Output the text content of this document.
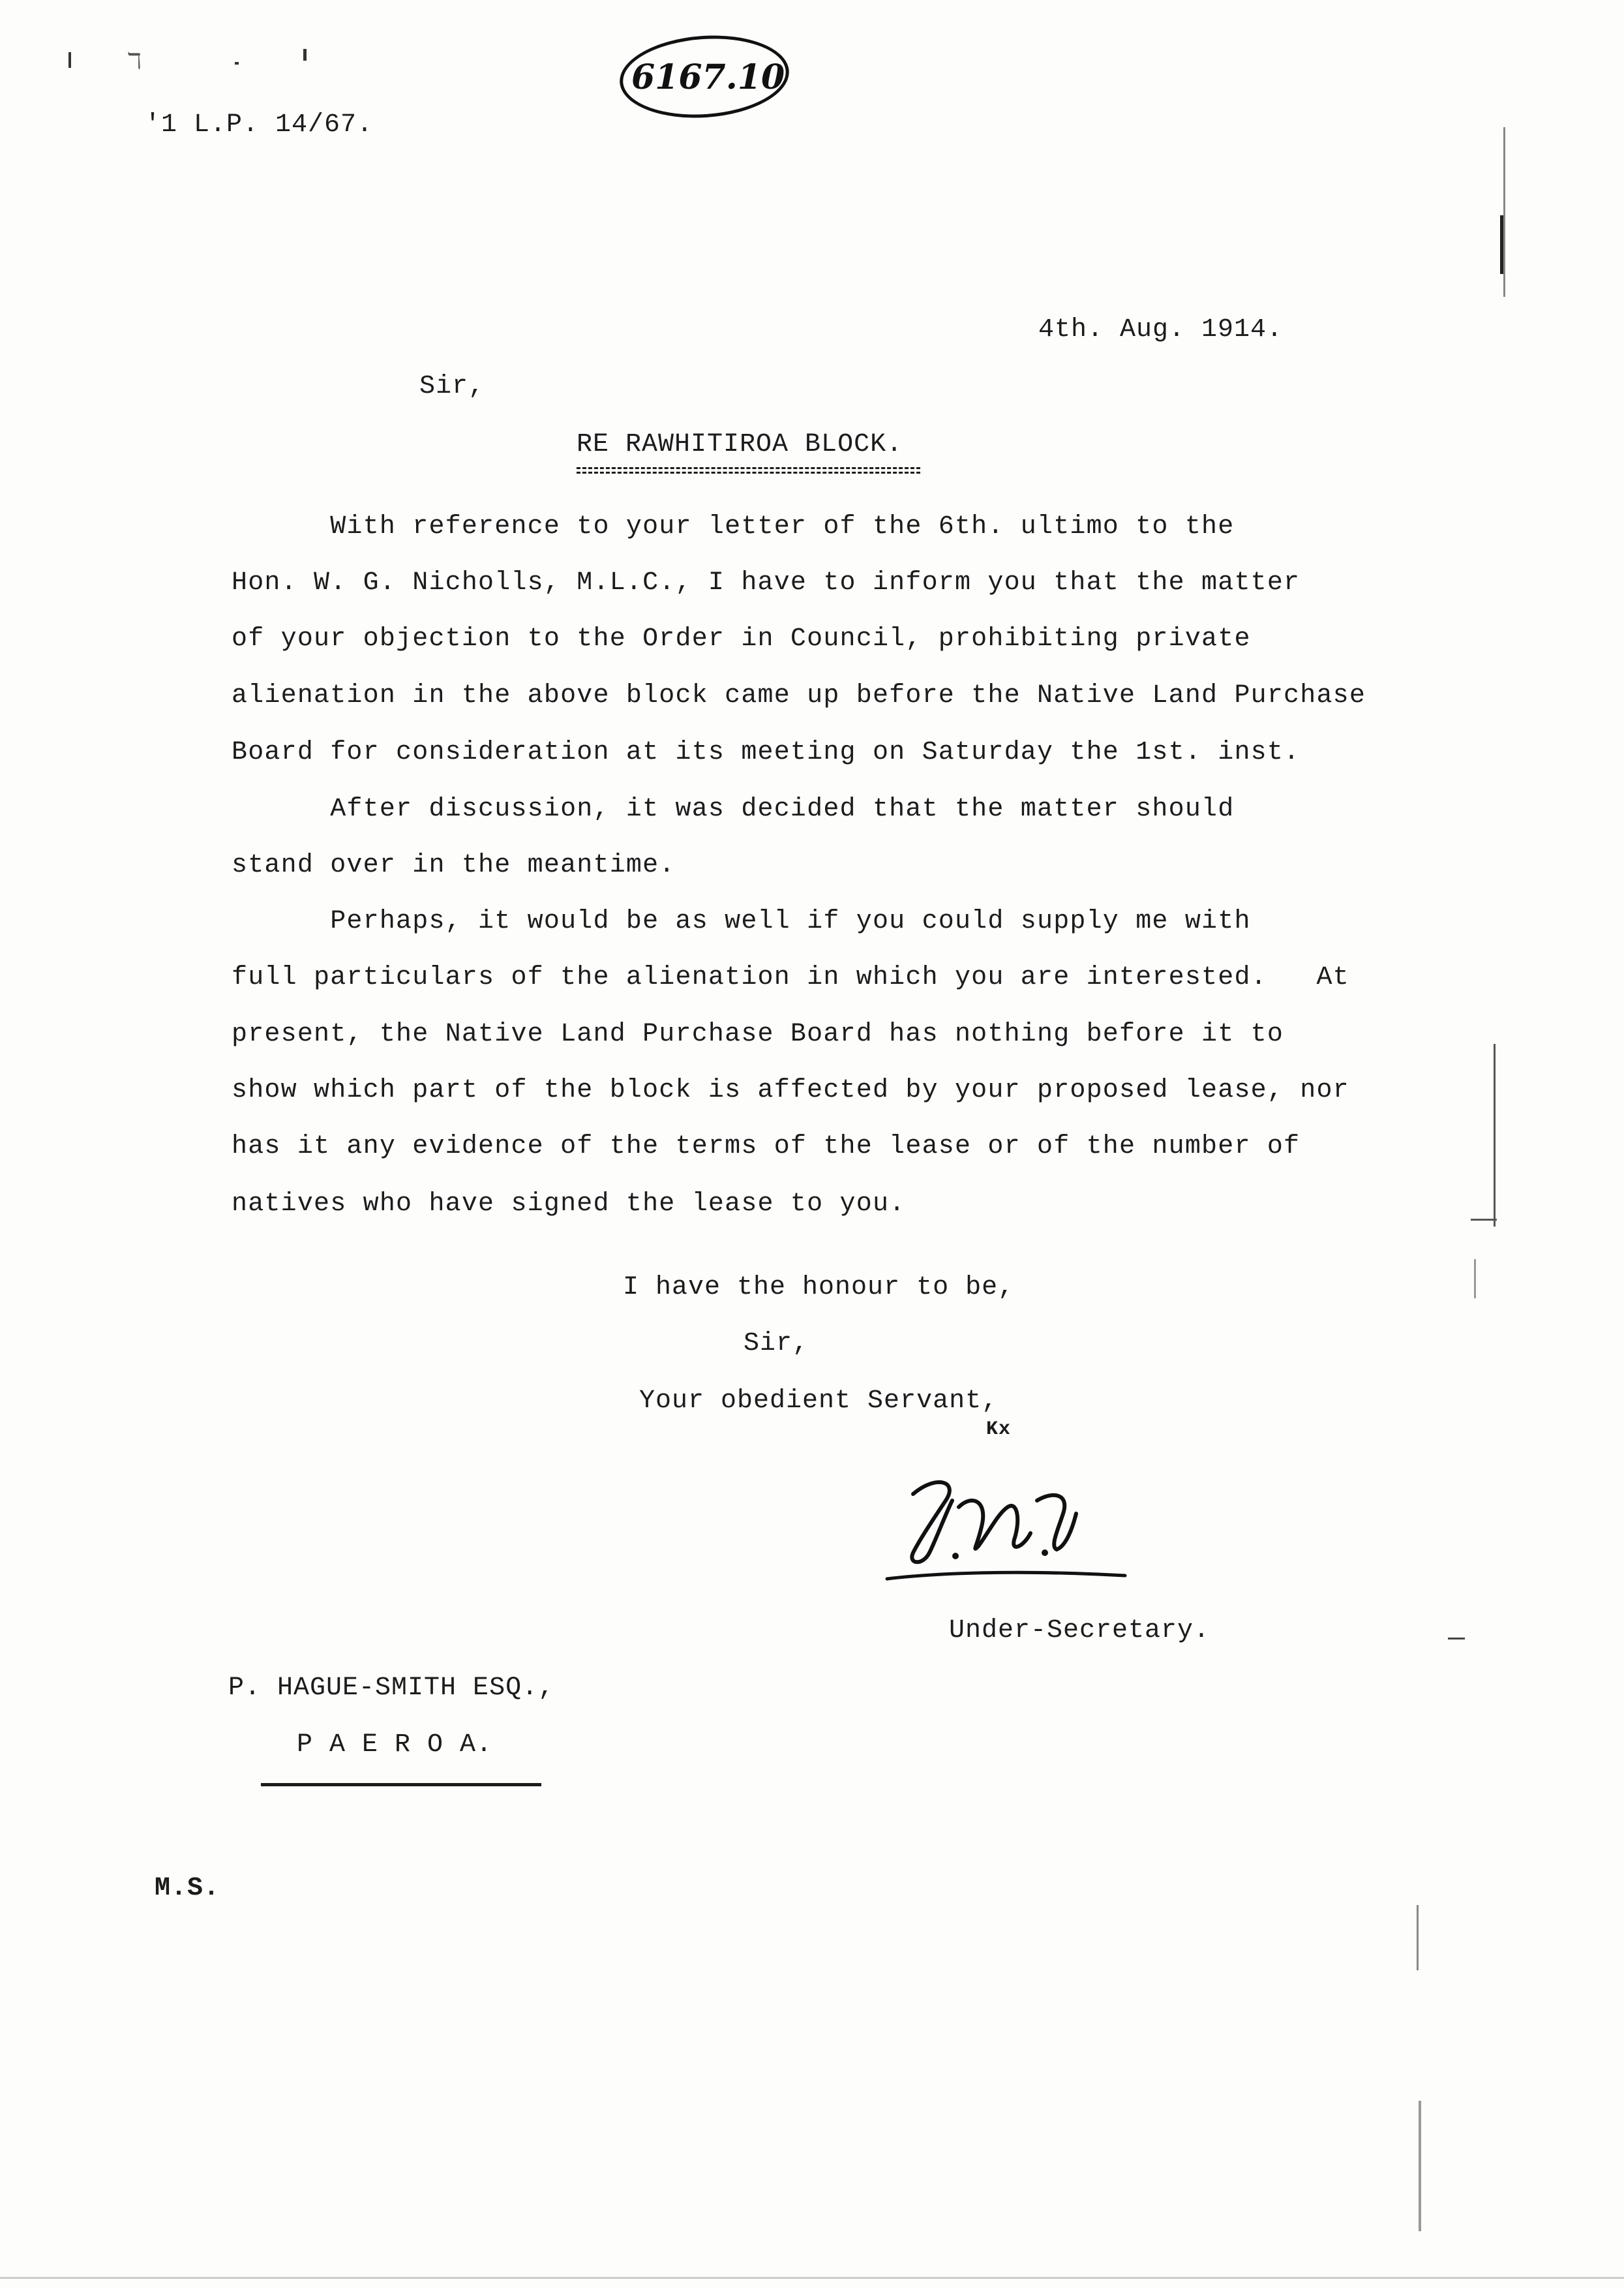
ℸ
'1 L.P. 14/67.
6167.10
4th. Aug. 1914.
Sir,
RE RAWHITIROA BLOCK.
With reference to your letter of the 6th. ultimo to the
Hon. W. G. Nicholls, M.L.C., I have to inform you that the matter
of your objection to the Order in Council, prohibiting private
alienation in the above block came up before the Native Land Purchase
Board for consideration at its meeting on Saturday the 1st. inst.
After discussion, it was decided that the matter should
stand over in the meantime.
Perhaps, it would be as well if you could supply me with
full particulars of the alienation in which you are interested.   At
present, the Native Land Purchase Board has nothing before it to
show which part of the block is affected by your proposed lease, nor
has it any evidence of the terms of the lease or of the number of
natives who have signed the lease to you.
I have the honour to be,
Sir,
Your obedient Servant,
Kx
Under-Secretary.
P. HAGUE-SMITH ESQ.,
P A E R O A.
M.S.
